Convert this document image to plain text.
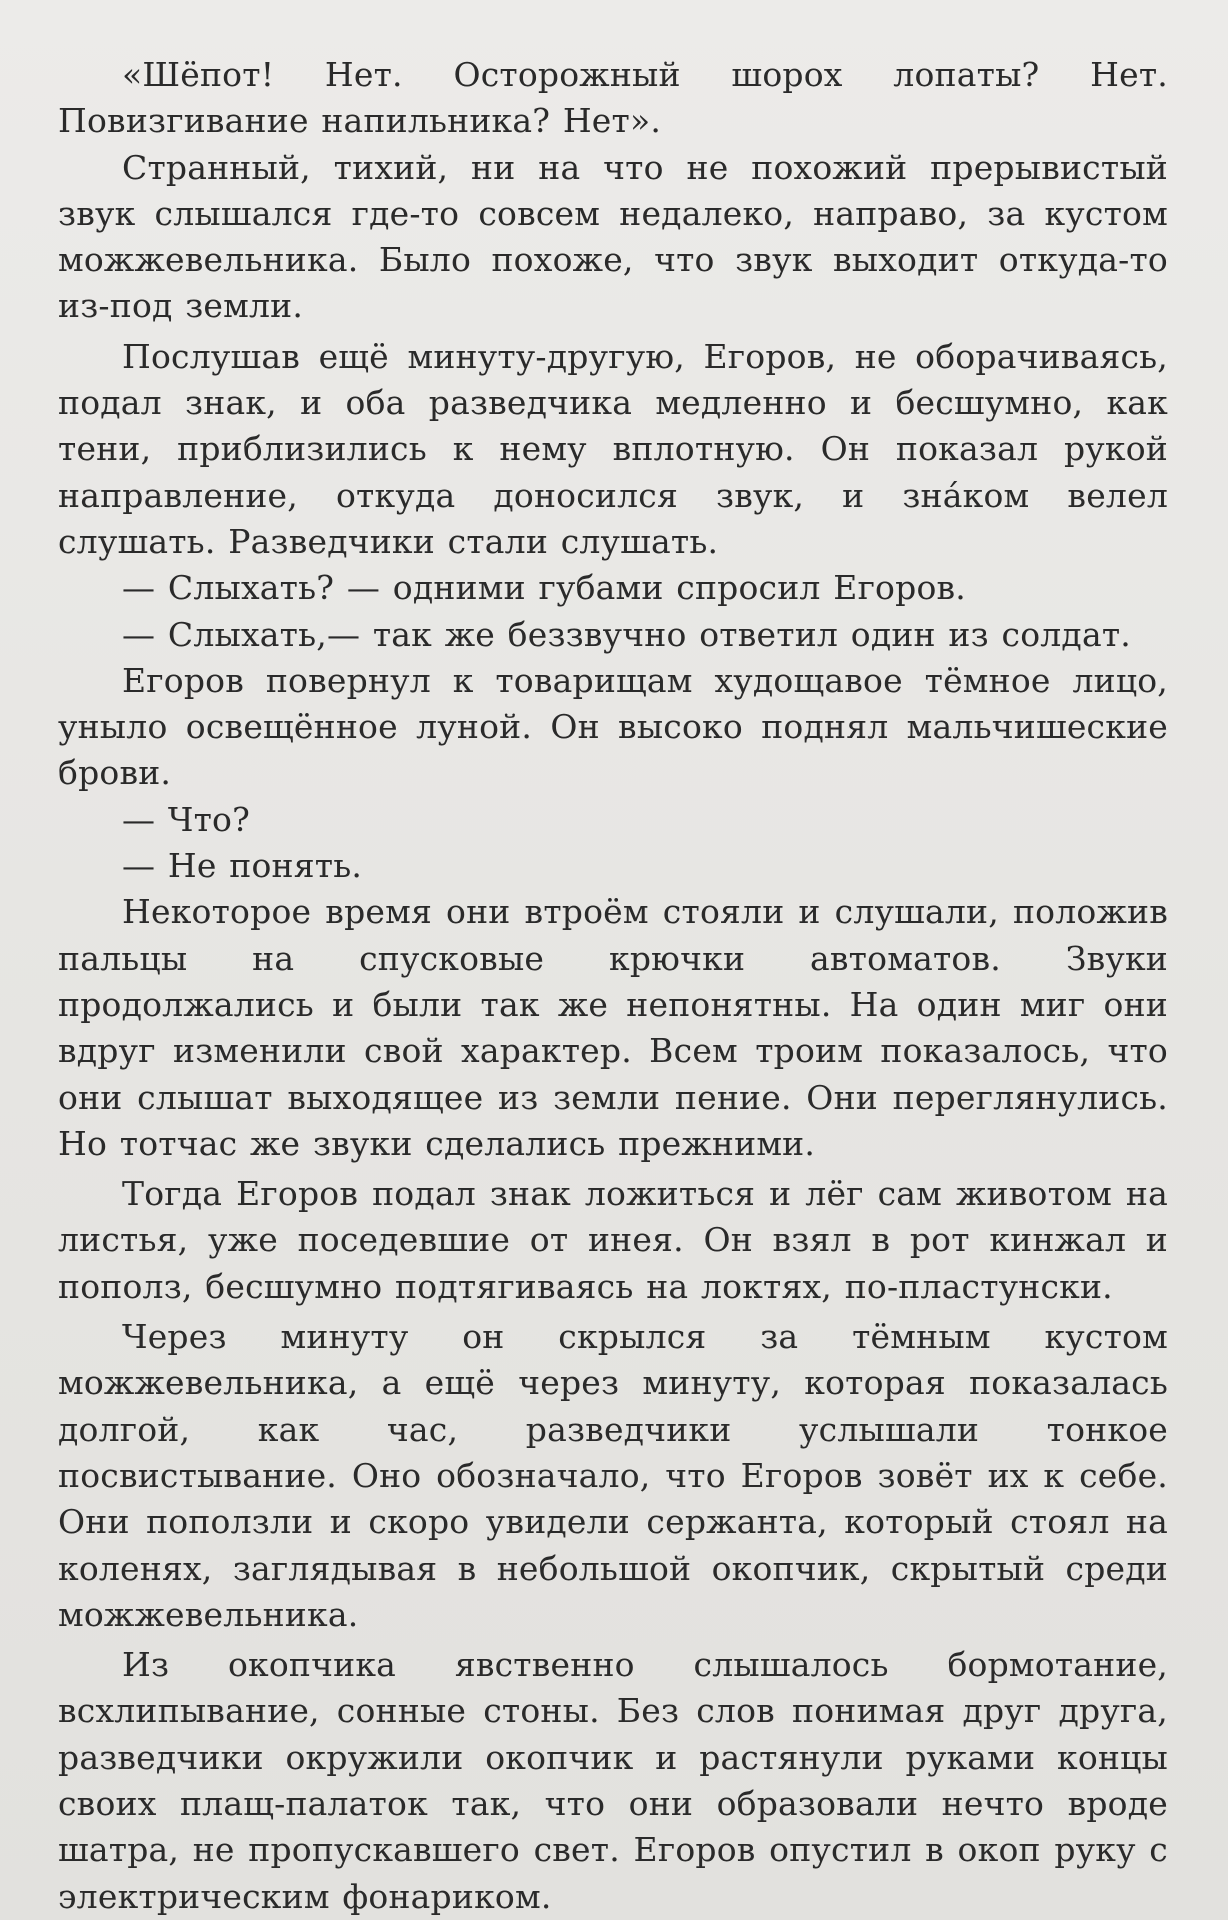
«Шёпот! Нет. Осторожный шорох лопаты? Нет. Повизгивание напильника? Нет».

Странный, тихий, ни на что не похожий прерывистый звук слышался где-то совсем недалеко, направо, за кустом можжевельника. Было похоже, что звук выходит откуда-то из-под земли.

Послушав ещё минуту-другую, Егоров, не оборачиваясь, подал знак, и оба разведчика медленно и бесшумно, как тени, приблизились к нему вплотную. Он показал рукой направление, откуда доносился звук, и зна́ком велел слушать. Разведчики стали слушать.

— Слыхать? — одними губами спросил Егоров.

— Слыхать,— так же беззвучно ответил один из солдат.

Егоров повернул к товарищам худощавое тёмное лицо, уныло освещённое луной. Он высоко поднял мальчишеские брови.

— Что?

— Не понять.

Некоторое время они втроём стояли и слушали, положив пальцы на спусковые крючки автоматов. Звуки продолжались и были так же непонятны. На один миг они вдруг изменили свой характер. Всем троим показалось, что они слышат выходящее из земли пение. Они переглянулись. Но тотчас же звуки сделались прежними.

Тогда Егоров подал знак ложиться и лёг сам животом на листья, уже поседевшие от инея. Он взял в рот кинжал и пополз, бесшумно подтягиваясь на локтях, по-пластунски.

Через минуту он скрылся за тёмным кустом можжевельника, а ещё через минуту, которая показалась долгой, как час, разведчики услышали тонкое посвистывание. Оно обозначало, что Егоров зовёт их к себе. Они поползли и скоро увидели сержанта, который стоял на коленях, заглядывая в небольшой окопчик, скрытый среди можжевельника.

Из окопчика явственно слышалось бормотание, всхлипывание, сонные стоны. Без слов понимая друг друга, разведчики окружили окопчик и растянули руками концы своих плащ-палаток так, что они образовали нечто вроде шатра, не пропускавшего свет. Егоров опустил в окоп руку с электрическим фонариком.
